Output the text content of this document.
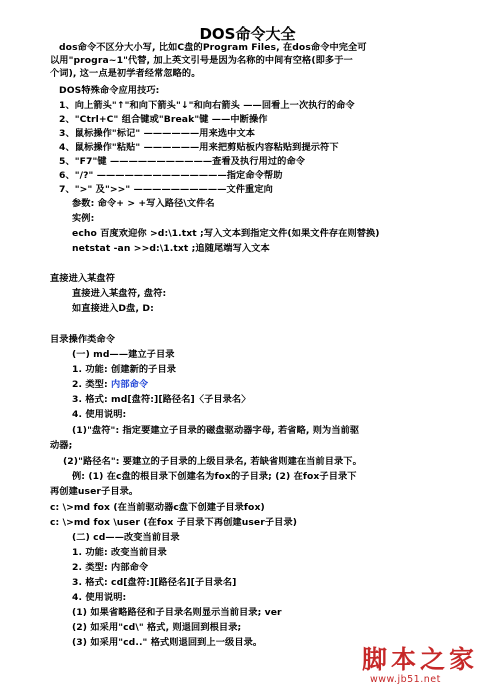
DOS命令大全
dos命令不区分大小写, 比如C盘的Program Files, 在dos命令中完全可
以用"progra~1"代替, 加上英文引号是因为名称的中间有空格(即多于一
个词), 这一点是初学者经常忽略的。
DOS特殊命令应用技巧:
1、向上箭头"↑"和向下箭头"↓"和向右箭头 ——回看上一次执行的命令
2、"Ctrl+C" 组合键或"Break"键 ——中断操作
3、鼠标操作"标记" ——————用来选中文本
4、鼠标操作"粘贴" ——————用来把剪贴板内容粘贴到提示符下
5、"F7"键 ———————————查看及执行用过的命令
6、"/?" ——————————————指定命令帮助
7、">" 及">>" ——————————文件重定向
参数: 命令+ > +写入路径\文件名
实例:
echo 百度欢迎你 >d:\1.txt ;写入文本到指定文件(如果文件存在则替换)
netstat -an >>d:\1.txt ;追随尾端写入文本
直接进入某盘符
直接进入某盘符, 盘符:
如直接进入D盘, D:
目录操作类命令
(一) md——建立子目录
1. 功能: 创建新的子目录
2. 类型: 内部命令
3. 格式: md[盘符:][路径名]〈子目录名〉
4. 使用说明:
(1)"盘符": 指定要建立子目录的磁盘驱动器字母, 若省略, 则为当前驱
动器;
(2)"路径名": 要建立的子目录的上级目录名, 若缺省则建在当前目录下。
例: (1) 在c盘的根目录下创建名为fox的子目录; (2) 在fox子目录下
再创建user子目录。
c: \>md fox (在当前驱动器c盘下创建子目录fox)
c: \>md fox \user (在fox 子目录下再创建user子目录)
(二) cd——改变当前目录
1. 功能: 改变当前目录
2. 类型: 内部命令
3. 格式: cd[盘符:][路径名][子目录名]
4. 使用说明:
(1) 如果省略路径和子目录名则显示当前目录; ver
(2) 如采用"cd\" 格式, 则退回到根目录;
(3) 如采用"cd.." 格式则退回到上一级目录。
脚本之家
www.jb51.net
